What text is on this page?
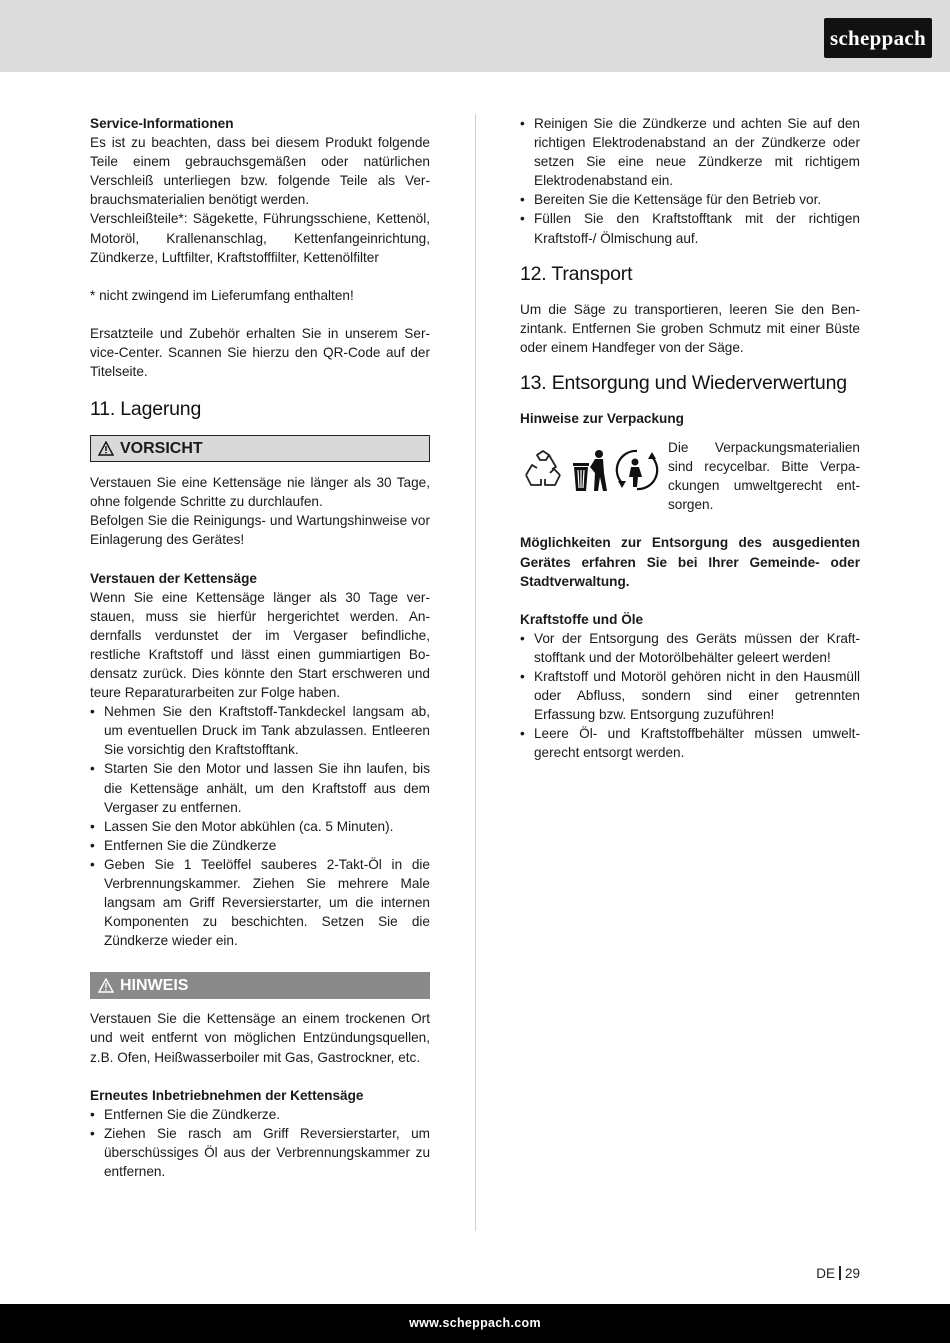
scheppach

Service-Informationen

Es ist zu beachten, dass bei diesem Produkt folgende Teile einem gebrauchsgemäßen oder natürlichen Verschleiß unterliegen bzw. folgende Teile als Verbrauchsmaterialien benötigt werden.

Verschleißteile*: Sägekette, Führungsschiene, Kettenöl, Motoröl, Krallenanschlag, Kettenfangeinrichtung, Zündkerze, Luftfilter, Kraftstofffilter, Kettenölfilter

* nicht zwingend im Lieferumfang enthalten!

Ersatzteile und Zubehör erhalten Sie in unserem Service-Center. Scannen Sie hierzu den QR-Code auf der Titelseite.

11. Lagerung
VORSICHT

Verstauen Sie eine Kettensäge nie länger als 30 Tage, ohne folgende Schritte zu durchlaufen.

Befolgen Sie die Reinigungs- und Wartungshinweise vor Einlagerung des Gerätes!

Verstauen der Kettensäge

Wenn Sie eine Kettensäge länger als 30 Tage verstauen, muss sie hierfür hergerichtet werden. Andernfalls verdunstet der im Vergaser befindliche, restliche Kraftstoff und lässt einen gummiartigen Bodensatz zurück. Dies könnte den Start erschweren und teure Reparaturarbeiten zur Folge haben.

• Nehmen Sie den Kraftstoff-Tankdeckel langsam ab, um eventuellen Druck im Tank abzulassen. Entleeren Sie vorsichtig den Kraftstofftank.
• Starten Sie den Motor und lassen Sie ihn laufen, bis die Kettensäge anhält, um den Kraftstoff aus dem Vergaser zu entfernen.
• Lassen Sie den Motor abkühlen (ca. 5 Minuten).
• Entfernen Sie die Zündkerze
• Geben Sie 1 Teelöffel sauberes 2-Takt-Öl in die Verbrennungskammer. Ziehen Sie mehrere Male langsam am Griff Reversierstarter, um die internen Komponenten zu beschichten. Setzen Sie die Zündkerze wieder ein.
HINWEIS

Verstauen Sie die Kettensäge an einem trockenen Ort und weit entfernt von möglichen Entzündungsquellen, z.B. Ofen, Heißwasserboiler mit Gas, Gastrockner, etc.

Erneutes Inbetriebnehmen der Kettensäge

• Entfernen Sie die Zündkerze.
• Ziehen Sie rasch am Griff Reversierstarter, um überschüssiges Öl aus der Verbrennungskammer zu entfernen.
• Reinigen Sie die Zündkerze und achten Sie auf den richtigen Elektrodenabstand an der Zündkerze oder setzen Sie eine neue Zündkerze mit richtigem Elektrodenabstand ein.
• Bereiten Sie die Kettensäge für den Betrieb vor.
• Füllen Sie den Kraftstofftank mit der richtigen Kraftstoff-/ Ölmischung auf.
12. Transport

Um die Säge zu transportieren, leeren Sie den Benzintank. Entfernen Sie groben Schmutz mit einer Büste oder einem Handfeger von der Säge.

13. Entsorgung und Wiederverwertung

Hinweise zur Verpackung

Die Verpackungsmaterialien sind recycelbar. Bitte Verpackungen umweltgerecht entsorgen.

Möglichkeiten zur Entsorgung des ausgedienten Gerätes erfahren Sie bei Ihrer Gemeinde- oder Stadtverwaltung.

Kraftstoffe und Öle

• Vor der Entsorgung des Geräts müssen der Kraftstofftank und der Motorölbehälter geleert werden!
• Kraftstoff und Motoröl gehören nicht in den Hausmüll oder Abfluss, sondern sind einer getrennten Erfassung bzw. Entsorgung zuzuführen!
• Leere Öl- und Kraftstoffbehälter müssen umweltgerecht entsorgt werden.
DE 29
www.scheppach.com
